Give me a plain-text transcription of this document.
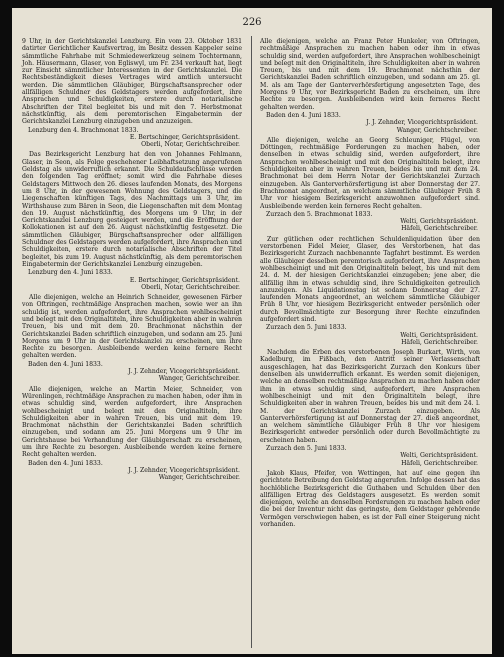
226

9 Uhr, in der Gerichtskanzlei Lenzburg. Ein vom 23. Oktober 1831 datirter Gerichtlicher Kaufsvertrag, im Besitz dessen Kappeler seine sämmtliche Fahrhabe mit Schmiedewerkzeug seinem Tochtermann, Joh. Häusermann, Glaser, von Egliswyl, um Fr. 234 verkauft hat, liegt zur Einsicht sämmtlicher Interessenten in der Gerichtskanzlei. Die Rechtsbeständigkeit dieses Vertrages wird amtlich untersucht werden. Die sämmtlichen Gläubiger, Bürgschaftsansprecher oder allfälligen Schuldner des Geldstagers werden aufgefordert, ihre Ansprachen und Schuldigkeiten, erstere durch notarialische Abschriften der Titel begleitet bis und mit den 7. Herbstmonat nächstkünftig, als dem peremtorischen Eingabetermin der Gerichtskanzlei Lenzburg einzugeben und anzuzeigen.

Lenzburg den 4. Brachmonat 1833.

E. Bertschinger, Gerichtspräsident.

Oberli, Notar, Gerichtschreiber.

Das Bezirksgericht Lenzburg hat den von Johannes Fehlmann, Glaser, in Seon, als Folge geschehener Leibhaftsetzung angerufenen Geldstag als unwiderruflich erkannt. Die Schuldaufschlüsse werden den folgenden Tag eröffnet; somit wird die Fahrhabe dieses Geldstagers Mittwoch den 26. dieses laufenden Monats, des Morgens um 8 Uhr, in der gewesenen Wohnung des Geldstagers, und die Liegenschaften künftigen Tags, des Nachmittags um 3 Uhr, im Wirthshause zum Bären in Seon, die Liegenschaften mit dem Montag den 19. August nächstkünftig, des Morgens um 9 Uhr, in der Gerichtskanzlei Lenzburg gesteigert werden, und die Eröffnung der Kollokationen ist auf den 26. August nächstkünftig festgesetzt. Die sämmtlichen Gläubiger, Bürgschaftsansprecher oder allfälligen Schuldner des Geldstagers werden aufgefordert, ihre Ansprachen und Schuldigkeiten, erstere durch notarialische Abschriften der Titel begleitet, bis zum 19. August nächstkünftig, als dem peremtorischen Eingabetermin der Gerichtskanzlei Lenzburg einzugeben.

Lenzburg den 4. Juni 1833.

E. Bertschinger, Gerichtspräsident.

Oberli, Notar, Gerichtschreiber.

Alle diejenigen, welche an Heinrich Schneider, gewesenen Färber von Oftringen, rechtmäßige Ansprachen machen, sowie wer an ihn schuldig ist, werden aufgefordert, ihre Ansprachen wohlbescheinigt und belegt mit den Originaltiteln, ihre Schuldigkeiten aber in wahren Treuen, bis und mit dem 20. Brachmonat nächsthin der Gerichtskanzlei Baden schriftlich einzugeben, und sodann am 25. Juni Morgens um 9 Uhr in der Gerichtskanzlei zu erscheinen, um ihre Rechte zu besorgen. Ausbleibende werden keine fernere Recht gehalten werden.

Baden den 4. Juni 1833.

J. J. Zehnder, Vicegerichtspräsident.

Wanger, Gerichtschreiber.

Alle diejenigen, welche an Martin Meier, Schneider, von Würenlingen, rechtmäßige Ansprachen zu machen haben, oder ihm in etwas schuldig sind, werden aufgefordert, ihre Ansprachen wohlbescheinigt und belegt mit den Originaltiteln, ihre Schuldigkeiten aber in wahren Treuen, bis und mit dem 19. Brachmonat nächsthin der Gerichtskanzlei Baden schriftlich einzugeben, und sodann am 25. Juni Morgens um 9 Uhr im Gerichtshause bei Verhandlung der Gläubigerschaft zu erscheinen, um ihre Rechte zu besorgen. Ausbleibende werden keine fernere Recht gehalten werden.

Baden den 4. Juni 1833.

J. J. Zehnder, Vicegerichtspräsident.

Wanger, Gerichtschreiber.

Alle diejenigen, welche an Franz Peter Hunkeler, von Oftringen, rechtmäßige Ansprachen zu machen haben oder ihm in etwas schuldig sind, werden aufgefordert, ihre Ansprachen wohlbescheinigt und belegt mit den Originaltiteln, ihre Schuldigkeiten aber in wahren Treuen, bis und mit dem 19. Brachmonat nächsthin der Gerichtskanzlei Baden schriftlich einzugeben, und sodann am 25. gl. M. als am Tage der Ganterverhörsfertigung angesetzten Tage, des Morgens 9 Uhr, vor Bezirksgericht Baden zu erscheinen, um ihre Rechte zu besorgen. Ausbleibenden wird kein ferneres Recht gehalten werden.

Baden den 4. Juni 1833.

J. J. Zehnder, Vicegerichtspräsident.

Wanger, Gerichtschreiber.

Alle diejenigen, welche an Georg Schleuniger, Flügel, von Döttingen, rechtmäßige Forderungen zu machen haben, oder denselben in etwas schuldig sind, werden aufgefordert, ihre Ansprachen wohlbescheinigt und mit den Originaltiteln belegt, ihre Schuldigkeiten aber in wahren Treuen, beides bis und mit dem 24. Brachmonat bei dem Herrn Notar der Gerichtskanzlei Zurzach einzugeben. Als Ganterverhörsfertigung ist aber Donnerstag der 27. Brachmonat angeordnet, an welchem sämmtliche Gläubiger Früh 8 Uhr vor hiesigem Bezirksgericht anzuwohnen aufgefordert sind. Ausbleibende werden kein ferneres Recht gehalten.

Zurzach den 5. Brachmonat 1833.

Welti, Gerichtspräsident.

Häfeli, Gerichtschreiber.

Zur gütlichen oder rechtlichen Schuldenliquidation über den verstorbenen Fidel Meier, Glaser, des Verstorbenen, hat das Bezirksgericht Zurzach nachbenannte Tagfahrt bestimmt. Es werden alle Gläubiger desselben peremtorisch aufgefordert, ihre Ansprachen wohlbescheinigt und mit den Originaltiteln belegt, bis und mit dem 24. d. M. der hiesigen Gerichtskanzlei einzugeben; jene aber, die allfällig ihm in etwas schuldig sind, ihre Schuldigkeiten getreulich anzuzeigen. Als Liquidationstag ist sodann Donnerstag der 27. laufenden Monats angeordnet, an welchem sämmtliche Gläubiger Früh 8 Uhr, vor hiesigem Bezirksgericht entweder persönlich oder durch Bevollmächtigte zur Besorgung ihrer Rechte einzufinden aufgefordert sind.

Zurzach den 5. Juni 1833.

Welti, Gerichtspräsident.

Häfeli, Gerichtschreiber.

Nachdem die Erben des verstorbenen Joseph Burkart, Wirth, von Kadelburg, im Fißbach, den Antritt seiner Verlassenschaft ausgeschlagen, hat das Bezirksgericht Zurzach den Konkurs über denselben als unwiderruflich erkannt. Es werden somit diejenigen, welche an denselben rechtmäßige Ansprachen zu machen haben oder ihm in etwas schuldig sind, aufgefordert, ihre Ansprachen wohlbescheinigt und mit den Originaltiteln belegt, ihre Schuldigkeiten aber in wahren Treuen, beides bis und mit dem 24. l. M. der Gerichtskanzlei Zurzach einzugeben. Als Ganterverhörsfertigung ist auf Donnerstag der 27. dieß angeordnet, an welchem sämmtliche Gläubiger Früh 8 Uhr vor hiesigem Bezirksgericht entweder persönlich oder durch Bevollmächtigte zu erscheinen haben.

Zurzach den 5. Juni 1833.

Welti, Gerichtspräsident.

Häfeli, Gerichtschreiber.

Jakob Klaus, Pfeifer, von Wettingen, hat auf eine gegen ihn gerichtete Betreibung den Geldstag angerufen. Infolge dessen hat das hochlöbliche Bezirksgericht die Guthaben und Schulden über den allfälligen Ertrag des Geldstagers ausgesetzt. Es werden somit diejenigen, welche an denselben Forderungen zu machen haben oder die bei der Inventur nicht das geringste, dem Geldstager gehörende Vermögen verschwiegen haben, es ist der Fall einer Steigerung nicht vorhanden.
